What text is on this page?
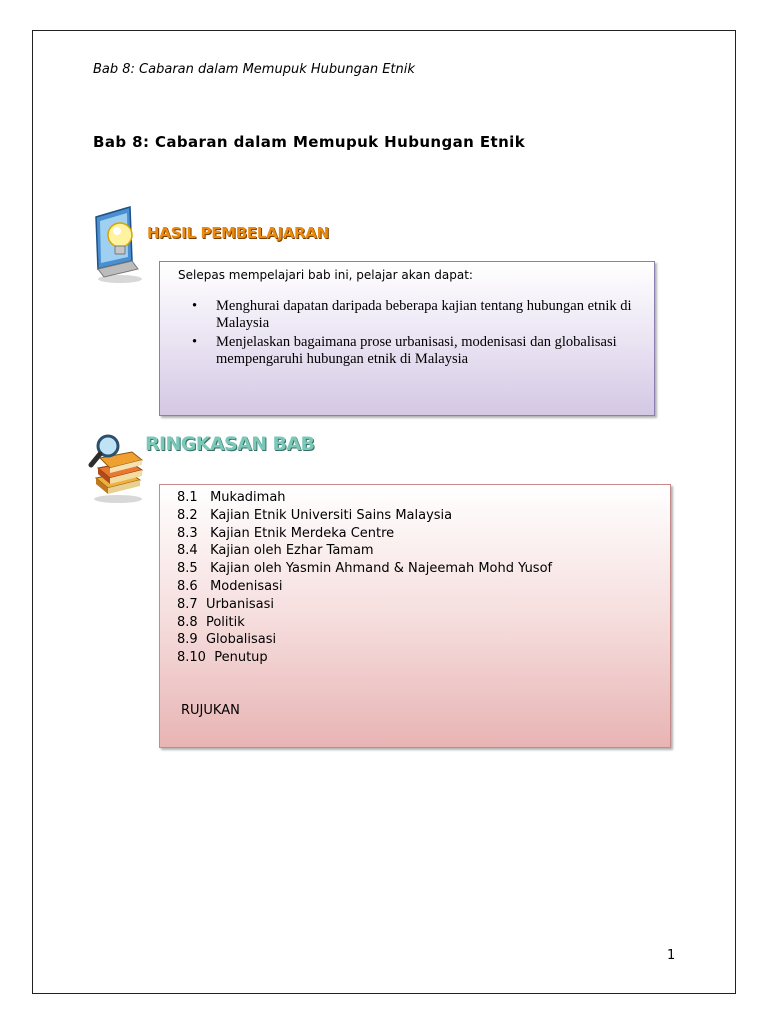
Bab 8: Cabaran dalam Memupuk Hubungan Etnik
Bab 8: Cabaran dalam Memupuk Hubungan Etnik
HASIL PEMBELAJARAN
Selepas mempelajari bab ini, pelajar akan dapat:
• Menghurai dapatan daripada beberapa kajian tentang hubungan etnik di Malaysia
• Menjelaskan bagaimana prose urbanisasi, modenisasi dan globalisasi mempengaruhi hubungan etnik di Malaysia
RINGKASAN BAB
8.1   Mukadimah
8.2   Kajian Etnik Universiti Sains Malaysia
8.3   Kajian Etnik Merdeka Centre
8.4   Kajian oleh Ezhar Tamam
8.5   Kajian oleh Yasmin Ahmand & Najeemah Mohd Yusof
8.6   Modenisasi
8.7  Urbanisasi
8.8  Politik
8.9  Globalisasi
8.10  Penutup
RUJUKAN
1
